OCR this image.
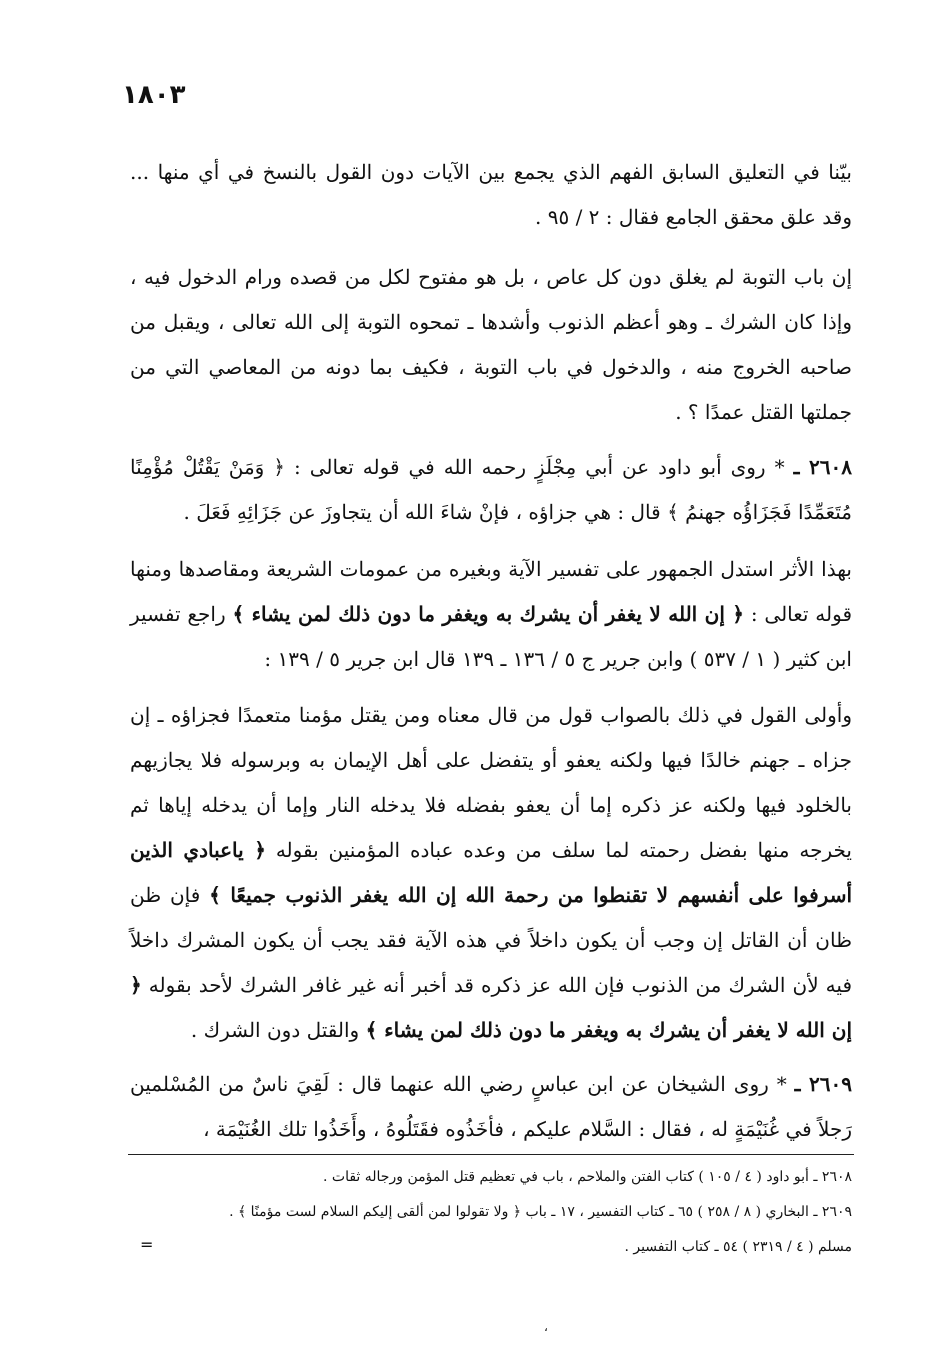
١٨٠٣

بيّنا في التعليق السابق الفهم الذي يجمع بين الآيات دون القول بالنسخ في أي منها ... وقد علق محقق الجامع فقال : ٢ / ٩٥ .

إن باب التوبة لم يغلق دون كل عاص ، بل هو مفتوح لكل من قصده ورام الدخول فيه ، وإذا كان الشرك ـ وهو أعظم الذنوب وأشدها ـ تمحوه التوبة إلى الله تعالى ، ويقبل من صاحبه الخروج منه ، والدخول في باب التوبة ، فكيف بما دونه من المعاصي التي من جملتها القتل عمدًا ؟ .

٢٦٠٨ ـ * روى أبو داود عن أبي مِجْلَزٍ رحمه الله في قوله تعالى : ﴿ وَمَنْ يَقْتُلْ مُؤْمِنًا مُتَعَمِّدًا فَجَزَاؤُه جهنمُ ﴾ قال : هي جزاؤه ، فإنْ شاءَ الله أن يتجاوزَ عن جَزَائِهِ فَعَلَ .

بهذا الأثر استدل الجمهور على تفسير الآية وبغيره من عمومات الشريعة ومقاصدها ومنها قوله تعالى : ﴿ إن الله لا يغفر أن يشرك به ويغفر ما دون ذلك لمن يشاء ﴾ راجع تفسير ابن كثير ( ١ / ٥٣٧ ) وابن جرير ج ٥ / ١٣٦ ـ ١٣٩ قال ابن جرير ٥ / ١٣٩ :

وأولى القول في ذلك بالصواب قول من قال معناه ومن يقتل مؤمنا متعمدًا فجزاؤه ـ إن جزاه ـ جهنم خالدًا فيها ولكنه يعفو أو يتفضل على أهل الإيمان به وبرسوله فلا يجازيهم بالخلود فيها ولكنه عز ذكره إما أن يعفو بفضله فلا يدخله النار وإما أن يدخله إياها ثم يخرجه منها بفضل رحمته لما سلف من وعده عباده المؤمنين بقوله ﴿ ياعبادي الذين أسرفوا على أنفسهم لا تقنطوا من رحمة الله إن الله يغفر الذنوب جميعًا ﴾ فإن ظن ظان أن القاتل إن وجب أن يكون داخلاً في هذه الآية فقد يجب أن يكون المشرك داخلاً فيه لأن الشرك من الذنوب فإن الله عز ذكره قد أخبر أنه غير غافر الشرك لأحد بقوله ﴿ إن الله لا يغفر أن يشرك به ويغفر ما دون ذلك لمن يشاء ﴾ والقتل دون الشرك .

٢٦٠٩ ـ * روى الشيخان عن ابن عباسٍ رضي الله عنهما قال : لَقِيَ ناسٌ من المُسْلمين رَجلاً في غُنَيْمَةٍ له ، فقال : السَّلام عليكم ، فأخَذُوه فقَتَلُوهُ ، وأَخَذُوا تلك الغُنَيْمَة ،

٢٦٠٨ ـ أبو داود ( ٤ / ١٠٥ ) كتاب الفتن والملاحم ، باب في تعظيم قتل المؤمن ورجاله ثقات .
٢٦٠٩ ـ البخاري ( ٨ / ٢٥٨ ) ٦٥ ـ كتاب التفسير ، ١٧ ـ باب ﴿ ولا تقولوا لمن ألقى إليكم السلام لست مؤمنًا ﴾ .
مسلم ( ٤ / ٢٣١٩ ) ٥٤ ـ كتاب التفسير .
=
،
